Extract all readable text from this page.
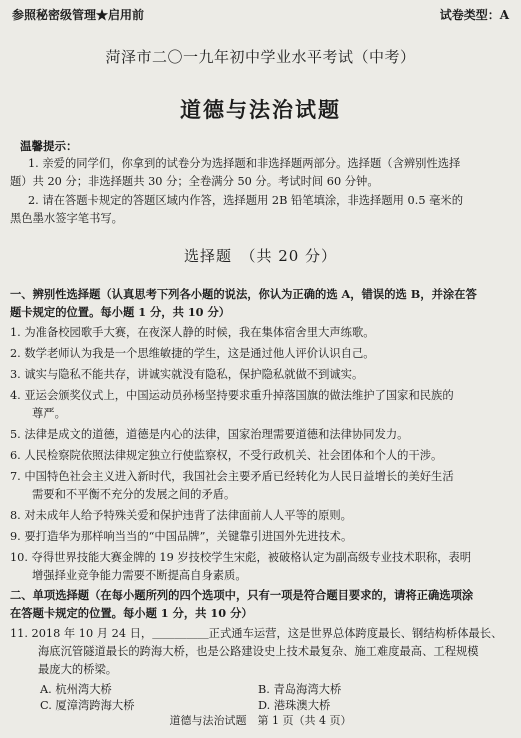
参照秘密级管理★启用前	试卷类型：A
菏泽市二〇一九年初中学业水平考试（中考）
道德与法治试题
温馨提示：
1. 亲爱的同学们，你拿到的试卷分为选择题和非选择题两部分。选择题（含辨别性选择
题）共 20 分；非选择题共 30 分；全卷满分 50 分。考试时间 60 分钟。
2. 请在答题卡规定的答题区域内作答，选择题用 2B 铅笔填涂，非选择题用 0.5 毫米的
黑色墨水签字笔书写。
选择题　（共 20 分）
一、辨别性选择题（认真思考下列各小题的说法，你认为正确的选 A，错误的选 B，并涂在答
题卡规定的位置。每小题 1 分，共 10 分）
1. 为准备校园歌手大赛，在夜深人静的时候，我在集体宿舍里大声练歌。
2. 数学老师认为我是一个思维敏捷的学生，这是通过他人评价认识自己。
3. 诚实与隐私不能共存，讲诚实就没有隐私，保护隐私就做不到诚实。
4. 亚运会颁奖仪式上，中国运动员孙杨坚持要求重升掉落国旗的做法维护了国家和民族的
尊严。
5. 法律是成文的道德，道德是内心的法律，国家治理需要道德和法律协同发力。
6. 人民检察院依照法律规定独立行使监察权，不受行政机关、社会团体和个人的干涉。
7. 中国特色社会主义进入新时代，我国社会主要矛盾已经转化为人民日益增长的美好生活
需要和不平衡不充分的发展之间的矛盾。
8. 对未成年人给予特殊关爱和保护违背了法律面前人人平等的原则。
9. 要打造华为那样响当当的“中国品牌”，关键靠引进国外先进技术。
10. 夺得世界技能大赛金牌的 19 岁技校学生宋彪，被破格认定为副高级专业技术职称，表明
增强择业竞争能力需要不断提高自身素质。
二、单项选择题（在每小题所列的四个选项中，只有一项是符合题目要求的，请将正确选项涂
在答题卡规定的位置。每小题 1 分，共 10 分）
11. 2018 年 10 月 24 日，＿＿＿＿＿正式通车运营，这是世界总体跨度最长、钢结构桥体最长、
海底沉管隧道最长的跨海大桥，也是公路建设史上技术最复杂、施工难度最高、工程规模
最庞大的桥梁。
A. 杭州湾大桥	B. 青岛海湾大桥
C. 厦漳湾跨海大桥	D. 港珠澳大桥
道德与法治试题　第 1 页（共 4 页）
